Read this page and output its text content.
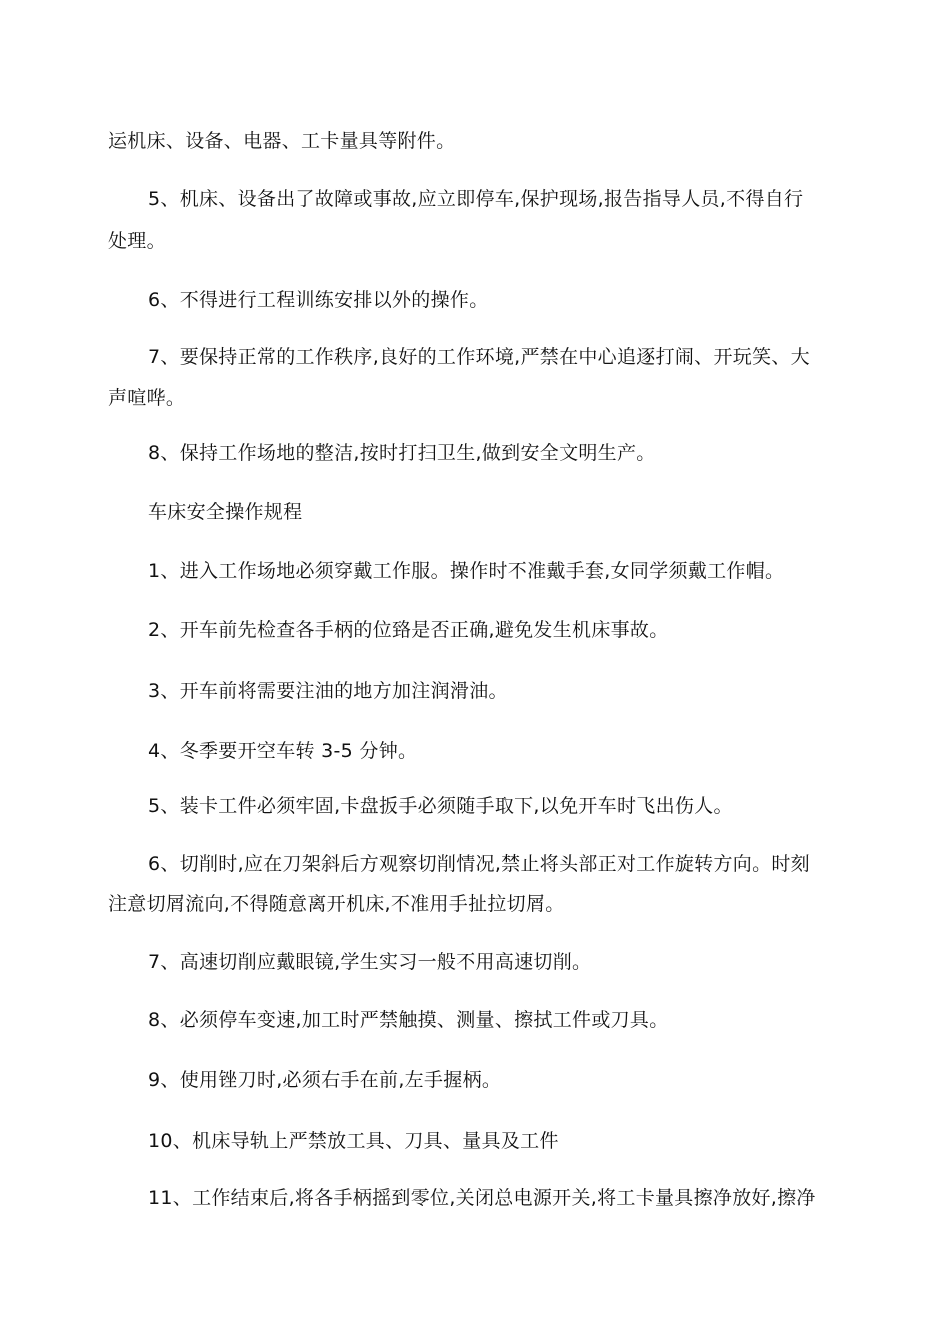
运机床、设备、电器、工卡量具等附件。
5、机床、设备出了故障或事故,应立即停车,保护现场,报告指导人员,不得自行
处理。
6、不得进行工程训练安排以外的操作。
7、要保持正常的工作秩序,良好的工作环境,严禁在中心追逐打闹、开玩笑、大
声喧哗。
8、保持工作场地的整洁,按时打扫卫生,做到安全文明生产。
车床安全操作规程
1、进入工作场地必须穿戴工作服。操作时不准戴手套,女同学须戴工作帽。
2、开车前先检查各手柄的位臵是否正确,避免发生机床事故。
3、开车前将需要注油的地方加注润滑油。
4、冬季要开空车转 3-5 分钟。
5、装卡工件必须牢固,卡盘扳手必须随手取下,以免开车时飞出伤人。
6、切削时,应在刀架斜后方观察切削情况,禁止将头部正对工作旋转方向。时刻
注意切屑流向,不得随意离开机床,不准用手扯拉切屑。
7、高速切削应戴眼镜,学生实习一般不用高速切削。
8、必须停车变速,加工时严禁触摸、测量、擦拭工件或刀具。
9、使用锉刀时,必须右手在前,左手握柄。
10、机床导轨上严禁放工具、刀具、量具及工件
11、工作结束后,将各手柄摇到零位,关闭总电源开关,将工卡量具擦净放好,擦净
